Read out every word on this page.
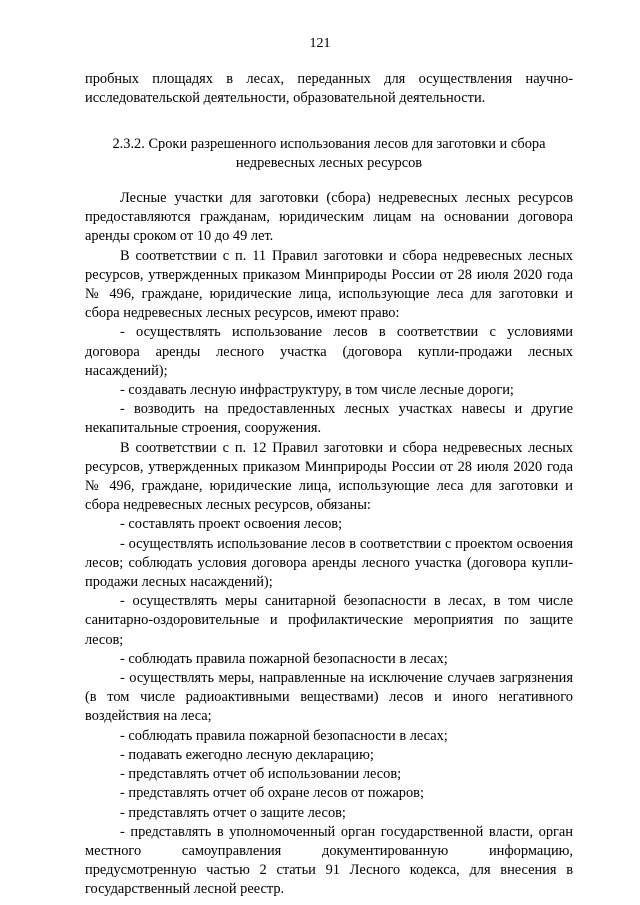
121

пробных площадях в лесах, переданных для осуществления научно-исследовательской деятельности, образовательной деятельности.

2.3.2. Сроки разрешенного использования лесов для заготовки и сбора
недревесных лесных ресурсов

Лесные участки для заготовки (сбора) недревесных лесных ресурсов предоставляются гражданам, юридическим лицам на основании договора аренды сроком от 10 до 49 лет.

В соответствии с п. 11 Правил заготовки и сбора недревесных лесных ресурсов, утвержденных приказом Минприроды России от 28 июля 2020 года № 496, граждане, юридические лица, использующие леса для заготовки и сбора недревесных лесных ресурсов, имеют право:

- осуществлять использование лесов в соответствии с условиями договора аренды лесного участка (договора купли-продажи лесных насаждений);

- создавать лесную инфраструктуру, в том числе лесные дороги;

- возводить на предоставленных лесных участках навесы и другие некапитальные строения, сооружения.

В соответствии с п. 12 Правил заготовки и сбора недревесных лесных ресурсов, утвержденных приказом Минприроды России от 28 июля 2020 года № 496, граждане, юридические лица, использующие леса для заготовки и сбора недревесных лесных ресурсов, обязаны:

- составлять проект освоения лесов;

- осуществлять использование лесов в соответствии с проектом освоения лесов; соблюдать условия договора аренды лесного участка (договора купли-продажи лесных насаждений);

- осуществлять меры санитарной безопасности в лесах, в том числе санитарно-оздоровительные и профилактические мероприятия по защите лесов;

- соблюдать правила пожарной безопасности в лесах;

- осуществлять меры, направленные на исключение случаев загрязнения (в том числе радиоактивными веществами) лесов и иного негативного воздействия на леса;

- соблюдать правила пожарной безопасности в лесах;

- подавать ежегодно лесную декларацию;

- представлять отчет об использовании лесов;

- представлять отчет об охране лесов от пожаров;

- представлять отчет о защите лесов;

- представлять в уполномоченный орган государственной власти, орган местного самоуправления документированную информацию, предусмотренную частью 2 статьи 91 Лесного кодекса, для внесения в государственный лесной реестр.
